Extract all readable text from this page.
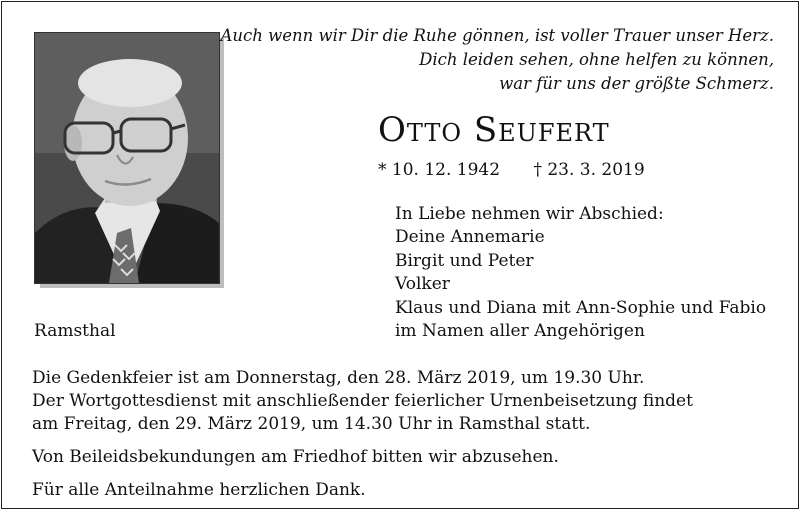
Auch wenn wir Dir die Ruhe gönnen, ist voller Trauer unser Herz.
Dich leiden sehen, ohne helfen zu können,
war für uns der größte Schmerz.
Otto Seufert
* 10. 12. 1942 † 23. 3. 2019
In Liebe nehmen wir Abschied:
Deine Annemarie
Birgit und Peter
Volker
Klaus und Diana mit Ann-Sophie und Fabio
im Namen aller Angehörigen
Ramsthal
Die Gedenkfeier ist am Donnerstag, den 28. März 2019, um 19.30 Uhr.
Der Wortgottesdienst mit anschließender feierlicher Urnenbeisetzung findet
am Freitag, den 29. März 2019, um 14.30 Uhr in Ramsthal statt.
Von Beileidsbekundungen am Friedhof bitten wir abzusehen.
Für alle Anteilnahme herzlichen Dank.
